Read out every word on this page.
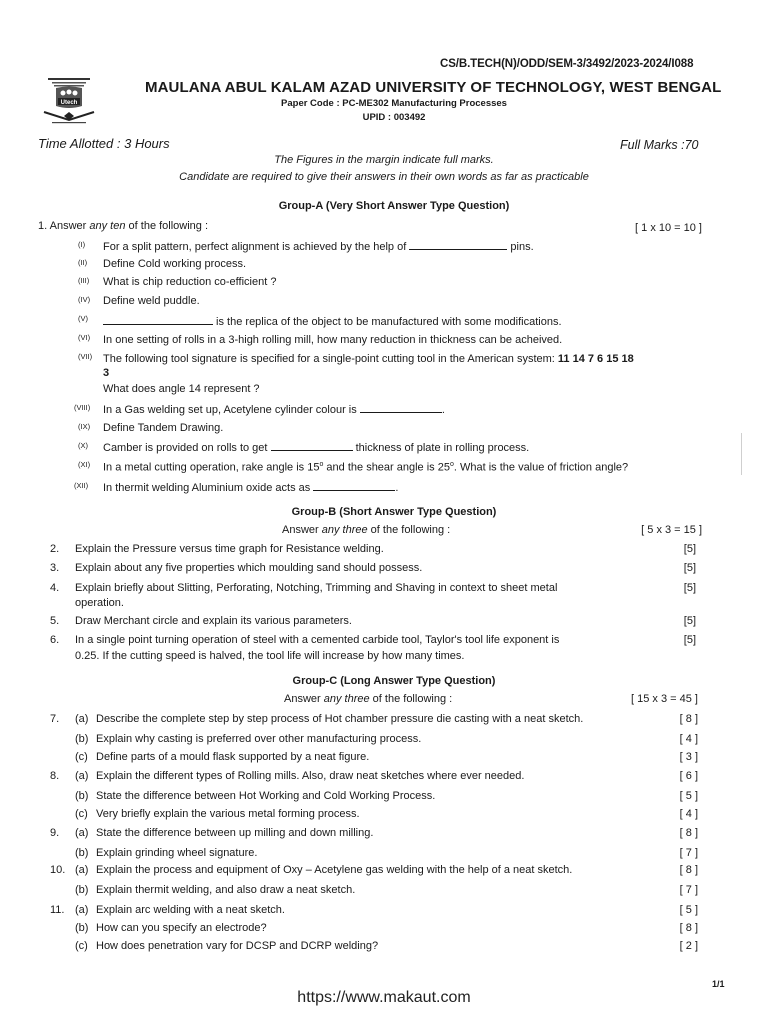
CS/B.TECH(N)/ODD/SEM-3/3492/2023-2024/I088
Utech
MAULANA ABUL KALAM AZAD UNIVERSITY OF TECHNOLOGY, WEST BENGAL
Paper Code : PC-ME302 Manufacturing Processes
UPID : 003492
Time Allotted : 3 Hours	Full Marks :70
The Figures in the margin indicate full marks.
Candidate are required to give their answers in their own words as far as practicable
Group-A (Very Short Answer Type Question)
1. Answer any ten of the following :	[ 1 x 10 = 10 ]
(I) For a split pattern, perfect alignment is achieved by the help of	pins.
(II) Define Cold working process.
(III) What is chip reduction co-efficient ?
(IV) Define weld puddle.
(V)	is the replica of the object to be manufactured with some modifications.
(VI) In one setting of rolls in a 3-high rolling mill, how many reduction in thickness can be acheived.
(VII) The following tool signature is specified for a single-point cutting tool in the American system: 11 14 7 6 15 18
3
What does angle 14 represent ?
(VIII) In a Gas welding set up, Acetylene cylinder colour is	.
(IX) Define Tandem Drawing.
(X) Camber is provided on rolls to get	thickness of plate in rolling process.
(XI) In a metal cutting operation, rake angle is 15$^o$ and the shear angle is 25$^o$. What is the value of friction angle?
(XII) In thermit welding Aluminium oxide acts as	.
Group-B (Short Answer Type Question)
Answer any three of the following :	[ 5 x 3 = 15 ]
2. Explain the Pressure versus time graph for Resistance welding.	[5]
3. Explain about any five properties which moulding sand should possess.	[5]
4. Explain briefly about Slitting, Perforating, Notching, Trimming and Shaving in context to sheet metal
operation.
[5]
5. Draw Merchant circle and explain its various parameters.	[5]
6. In a single point turning operation of steel with a cemented carbide tool, Taylor's tool life exponent is
0.25. If the cutting speed is halved, the tool life will increase by how many times.
[5]
Group-C (Long Answer Type Question)
Answer any three of the following :	[ 15 x 3 = 45 ]
7. (a) Describe the complete step by step process of Hot chamber pressure die casting with a neat sketch.	[ 8 ]
(b) Explain why casting is preferred over other manufacturing process.	[ 4 ]
(c) Define parts of a mould flask supported by a neat figure.	[ 3 ]
8. (a) Explain the different types of Rolling mills. Also, draw neat sketches where ever needed.	[ 6 ]
(b) State the difference between Hot Working and Cold Working Process.	[ 5 ]
(c) Very briefly explain the various metal forming process.	[ 4 ]
9. (a) State the difference between up milling and down milling.	[ 8 ]
(b) Explain grinding wheel signature.	[ 7 ]
10. (a) Explain the process and equipment of Oxy – Acetylene gas welding with the help of a neat sketch.	[ 8 ]
(b) Explain thermit welding, and also draw a neat sketch.	[ 7 ]
11. (a) Explain arc welding with a neat sketch.	[ 5 ]
(b) How can you specify an electrode?	[ 8 ]
(c) How does penetration vary for DCSP and DCRP welding?	[ 2 ]
1/1
https://www.makaut.com
